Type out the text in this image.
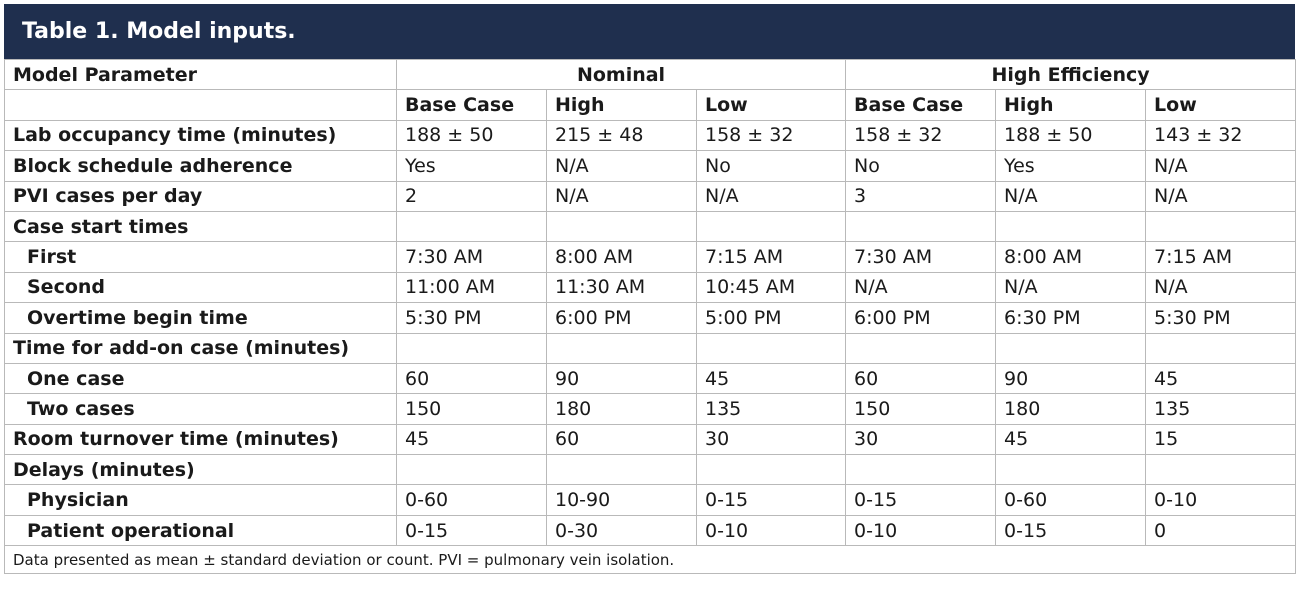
Table 1. Model inputs.
Model Parameter	Nominal			High Efficiency		
	Base Case	High	Low	Base Case	High	Low
Lab occupancy time (minutes)	188 ± 50	215 ± 48	158 ± 32	158 ± 32	188 ± 50	143 ± 32
Block schedule adherence	Yes	N/A	No	No	Yes	N/A
PVI cases per day	2	N/A	N/A	3	N/A	N/A
Case start times						
First	7:30 AM	8:00 AM	7:15 AM	7:30 AM	8:00 AM	7:15 AM
Second	11:00 AM	11:30 AM	10:45 AM	N/A	N/A	N/A
Overtime begin time	5:30 PM	6:00 PM	5:00 PM	6:00 PM	6:30 PM	5:30 PM
Time for add-on case (minutes)						
One case	60	90	45	60	90	45
Two cases	150	180	135	150	180	135
Room turnover time (minutes)	45	60	30	30	45	15
Delays (minutes)						
Physician	0-60	10-90	0-15	0-15	0-60	0-10
Patient operational	0-15	0-30	0-10	0-10	0-15	0
Data presented as mean ± standard deviation or count. PVI = pulmonary vein isolation.						
